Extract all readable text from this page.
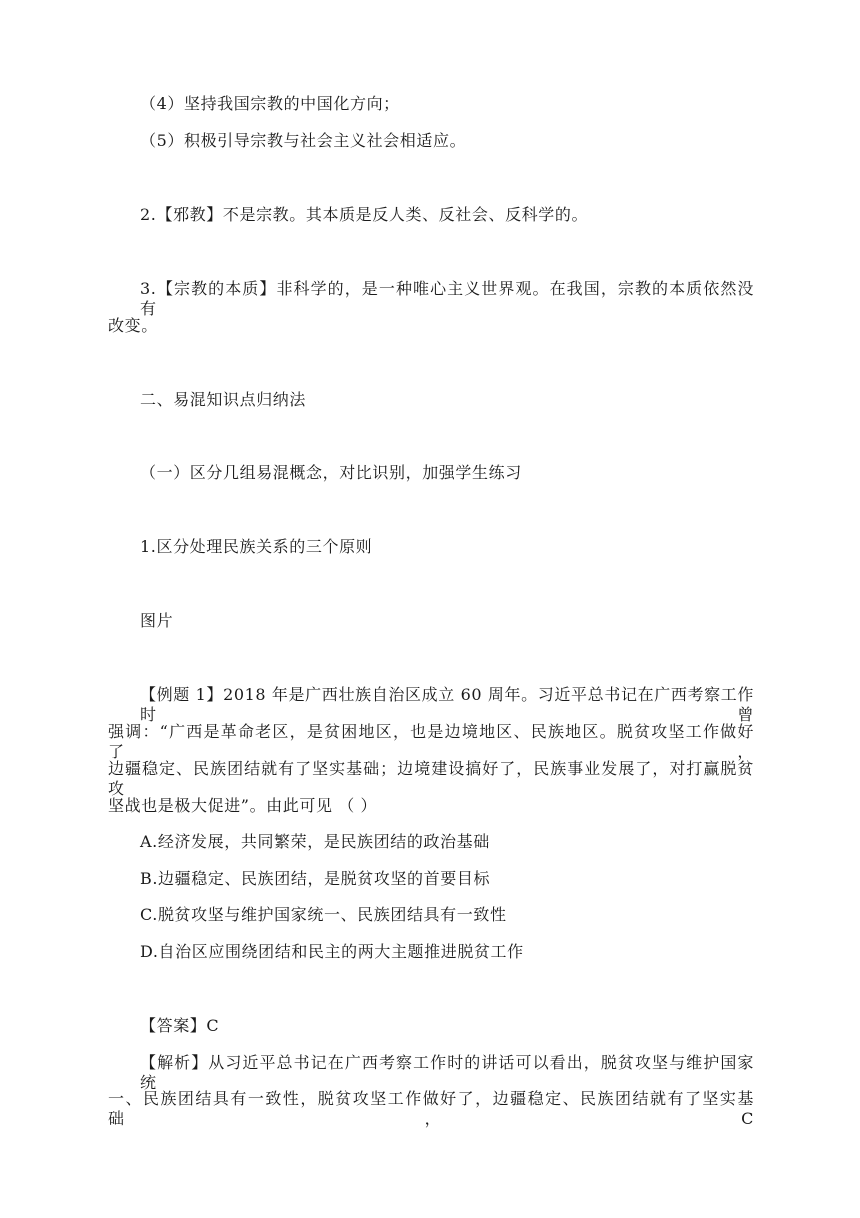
（4）坚持我国宗教的中国化方向；

（5）积极引导宗教与社会主义社会相适应。

2.【邪教】不是宗教。其本质是反人类、反社会、反科学的。

3.【宗教的本质】非科学的，是一种唯心主义世界观。在我国，宗教的本质依然没有

改变。

二、易混知识点归纳法

（一）区分几组易混概念，对比识别，加强学生练习

1.区分处理民族关系的三个原则

图片

【例题 1】2018 年是广西壮族自治区成立 60 周年。习近平总书记在广西考察工作时曾

强调：“广西是革命老区，是贫困地区，也是边境地区、民族地区。脱贫攻坚工作做好了，

边疆稳定、民族团结就有了坚实基础；边境建设搞好了，民族事业发展了，对打赢脱贫攻

坚战也是极大促进”。由此可见 （ ）

A.经济发展，共同繁荣，是民族团结的政治基础

B.边疆稳定、民族团结，是脱贫攻坚的首要目标

C.脱贫攻坚与维护国家统一、民族团结具有一致性

D.自治区应围绕团结和民主的两大主题推进脱贫工作

【答案】C

【解析】从习近平总书记在广西考察工作时的讲话可以看出，脱贫攻坚与维护国家统

一、民族团结具有一致性，脱贫攻坚工作做好了，边疆稳定、民族团结就有了坚实基础，C
